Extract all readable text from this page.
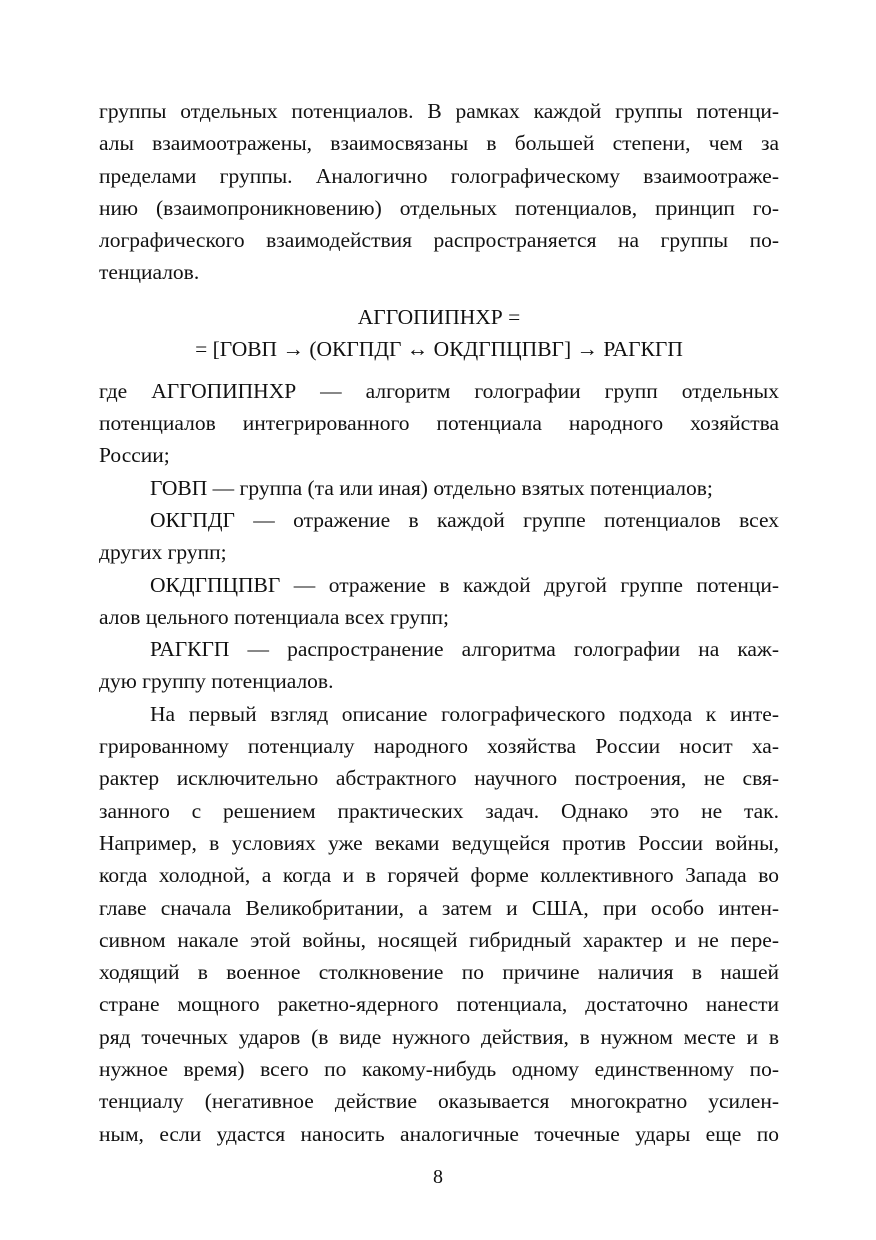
группы отдельных потенциалов. В рамках каждой группы потенци-
алы взаимоотражены, взаимосвязаны в большей степени, чем за
пределами группы. Аналогично голографическому взаимоотраже-
нию (взаимопроникновению) отдельных потенциалов, принцип го-
лографического взаимодействия распространяется на группы по-
тенциалов.
АГГОПИПНХР =
= [ГОВП → (ОКГПДГ ↔ ОКДГПЦПВГ] → РАГКГП
где АГГОПИПНХР — алгоритм голографии групп отдельных
потенциалов интегрированного потенциала народного хозяйства
России;
ГОВП — группа (та или иная) отдельно взятых потенциалов;
ОКГПДГ — отражение в каждой группе потенциалов всех
других групп;
ОКДГПЦПВГ — отражение в каждой другой группе потенци-
алов цельного потенциала всех групп;
РАГКГП — распространение алгоритма голографии на каж-
дую группу потенциалов.
На первый взгляд описание голографического подхода к инте-
грированному потенциалу народного хозяйства России носит ха-
рактер исключительно абстрактного научного построения, не свя-
занного с решением практических задач. Однако это не так.
Например, в условиях уже веками ведущейся против России войны,
когда холодной, а когда и в горячей форме коллективного Запада во
главе сначала Великобритании, а затем и США, при особо интен-
сивном накале этой войны, носящей гибридный характер и не пере-
ходящий в военное столкновение по причине наличия в нашей
стране мощного ракетно-ядерного потенциала, достаточно нанести
ряд точечных ударов (в виде нужного действия, в нужном месте и в
нужное время) всего по какому-нибудь одному единственному по-
тенциалу (негативное действие оказывается многократно усилен-
ным, если удастся наносить аналогичные точечные удары еще по
8
